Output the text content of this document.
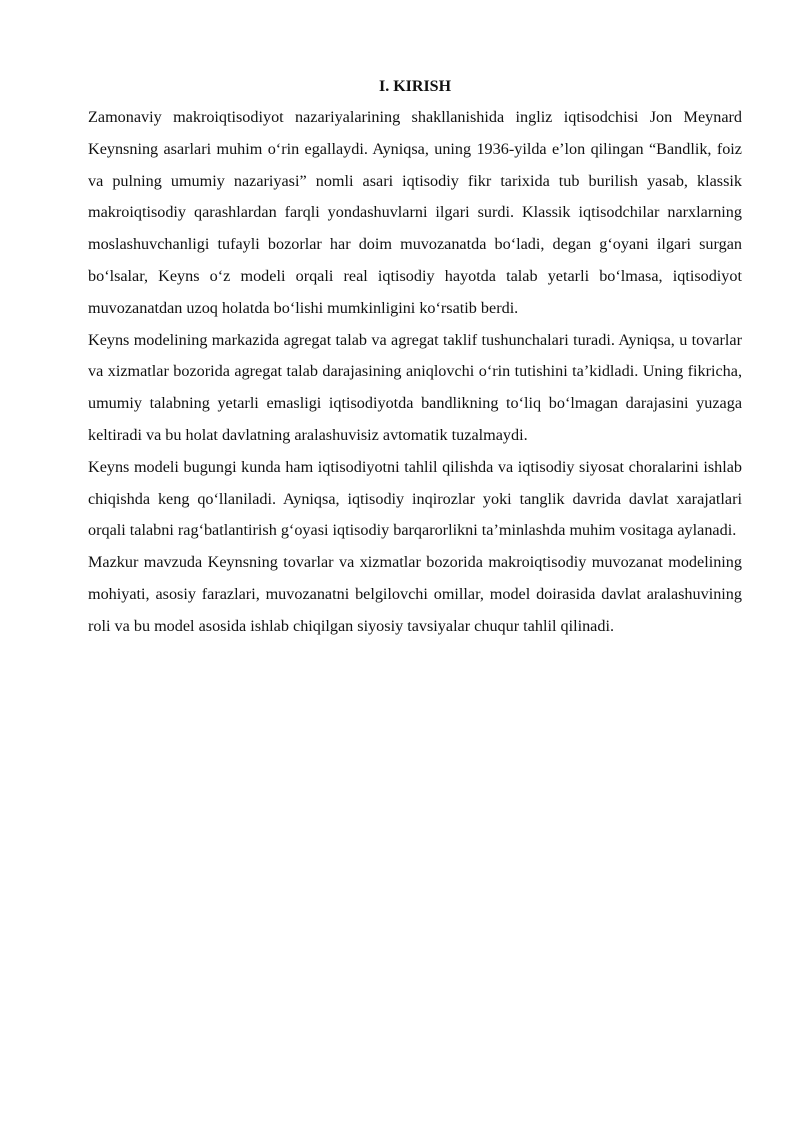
I. KIRISH

Zamonaviy makroiqtisodiyot nazariyalarining shakllanishida ingliz iqtisodchisi Jon Meynard Keynsning asarlari muhim o‘rin egallaydi. Ayniqsa, uning 1936-yilda e’lon qilingan “Bandlik, foiz va pulning umumiy nazariyasi” nomli asari iqtisodiy fikr tarixida tub burilish yasab, klassik makroiqtisodiy qarashlardan farqli yondashuvlarni ilgari surdi. Klassik iqtisodchilar narxlarning moslashuvchanligi tufayli bozorlar har doim muvozanatda bo‘ladi, degan g‘oyani ilgari surgan bo‘lsalar, Keyns o‘z modeli orqali real iqtisodiy hayotda talab yetarli bo‘lmasa, iqtisodiyot muvozanatdan uzoq holatda bo‘lishi mumkinligini ko‘rsatib berdi.

Keyns modelining markazida agregat talab va agregat taklif tushunchalari turadi. Ayniqsa, u tovarlar va xizmatlar bozorida agregat talab darajasining aniqlovchi o‘rin tutishini ta’kidladi. Uning fikricha, umumiy talabning yetarli emasligi iqtisodiyotda bandlikning to‘liq bo‘lmagan darajasini yuzaga keltiradi va bu holat davlatning aralashuvisiz avtomatik tuzalmaydi.

Keyns modeli bugungi kunda ham iqtisodiyotni tahlil qilishda va iqtisodiy siyosat choralarini ishlab chiqishda keng qo‘llaniladi. Ayniqsa, iqtisodiy inqirozlar yoki tanglik davrida davlat xarajatlari orqali talabni rag‘batlantirish g‘oyasi iqtisodiy barqarorlikni ta’minlashda muhim vositaga aylanadi.

Mazkur mavzuda Keynsning tovarlar va xizmatlar bozorida makroiqtisodiy muvozanat modelining mohiyati, asosiy farazlari, muvozanatni belgilovchi omillar, model doirasida davlat aralashuvining roli va bu model asosida ishlab chiqilgan siyosiy tavsiyalar chuqur tahlil qilinadi.
